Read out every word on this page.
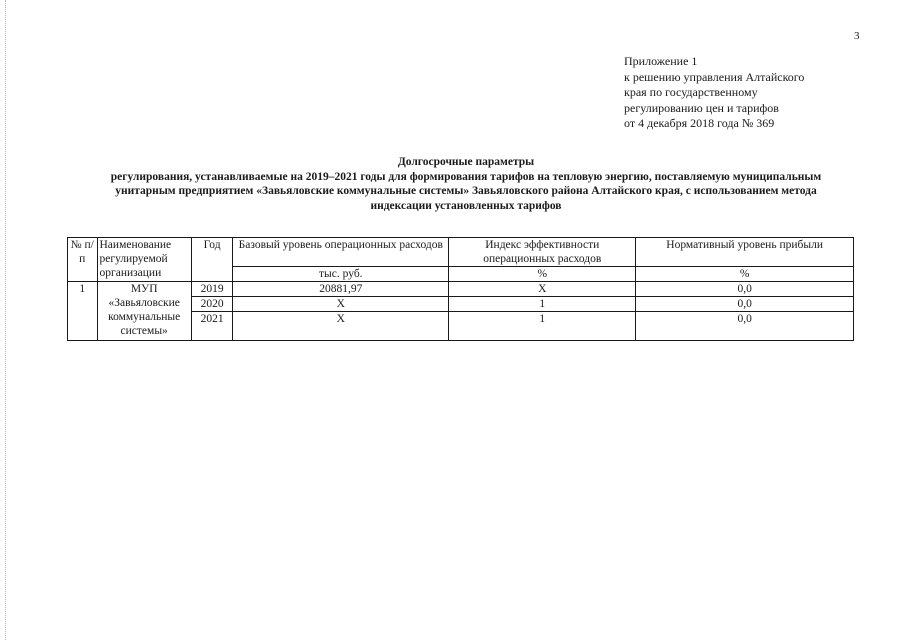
3
Приложение 1
к решению управления Алтайского
края по государственному
регулированию цен и тарифов
от 4 декабря 2018 года № 369
Долгосрочные параметры
регулирования, устанавливаемые на 2019–2021 годы для формирования тарифов на тепловую энергию, поставляемую муниципальным
унитарным предприятием «Завьяловские коммунальные системы» Завьяловского района Алтайского края, с использованием метода
индексации установленных тарифов
№ п/п	Наименование регулируемой организации	Год	Базовый уровень операционных расходов	Индекс эффективности операционных расходов	Нормативный уровень прибыли
			тыс. руб.	%	%
1	МУП «Завьяловские коммунальные системы»	2019	20881,97	Х	0,0
		2020	Х	1	0,0
		2021	Х	1	0,0
